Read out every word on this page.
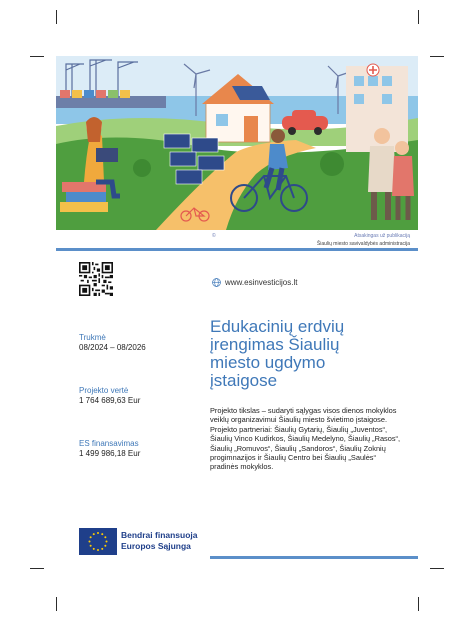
©	Atsakingas už publikaciją
Šiaulių miesto savivaldybės administracija
www.esinvesticijos.lt
Trukmė
08/2024 – 08/2026
Projekto vertė
1 764 689,63 Eur
ES finansavimas
1 499 986,18 Eur
Edukacinių erdvių
įrengimas Šiaulių
miesto ugdymo
įstaigose

Projekto tikslas – sudaryti sąlygas visos dienos mokyklos veiklų organizavimui Šiaulių miesto švietimo įstaigose.

Projekto partneriai: Šiaulių Gytarių, Šiaulių „Juventos“, Šiaulių Vinco Kudirkos, Šiaulių Medelyno, Šiaulių „Rasos“, Šiaulių „Romuvos“, Šiaulių „Sandoros“, Šiaulių Zoknių progimnazijos ir Šiaulių Centro bei Šiaulių „Saulės“ pradinės mokyklos.

Bendrai finansuoja
Europos Sąjunga
